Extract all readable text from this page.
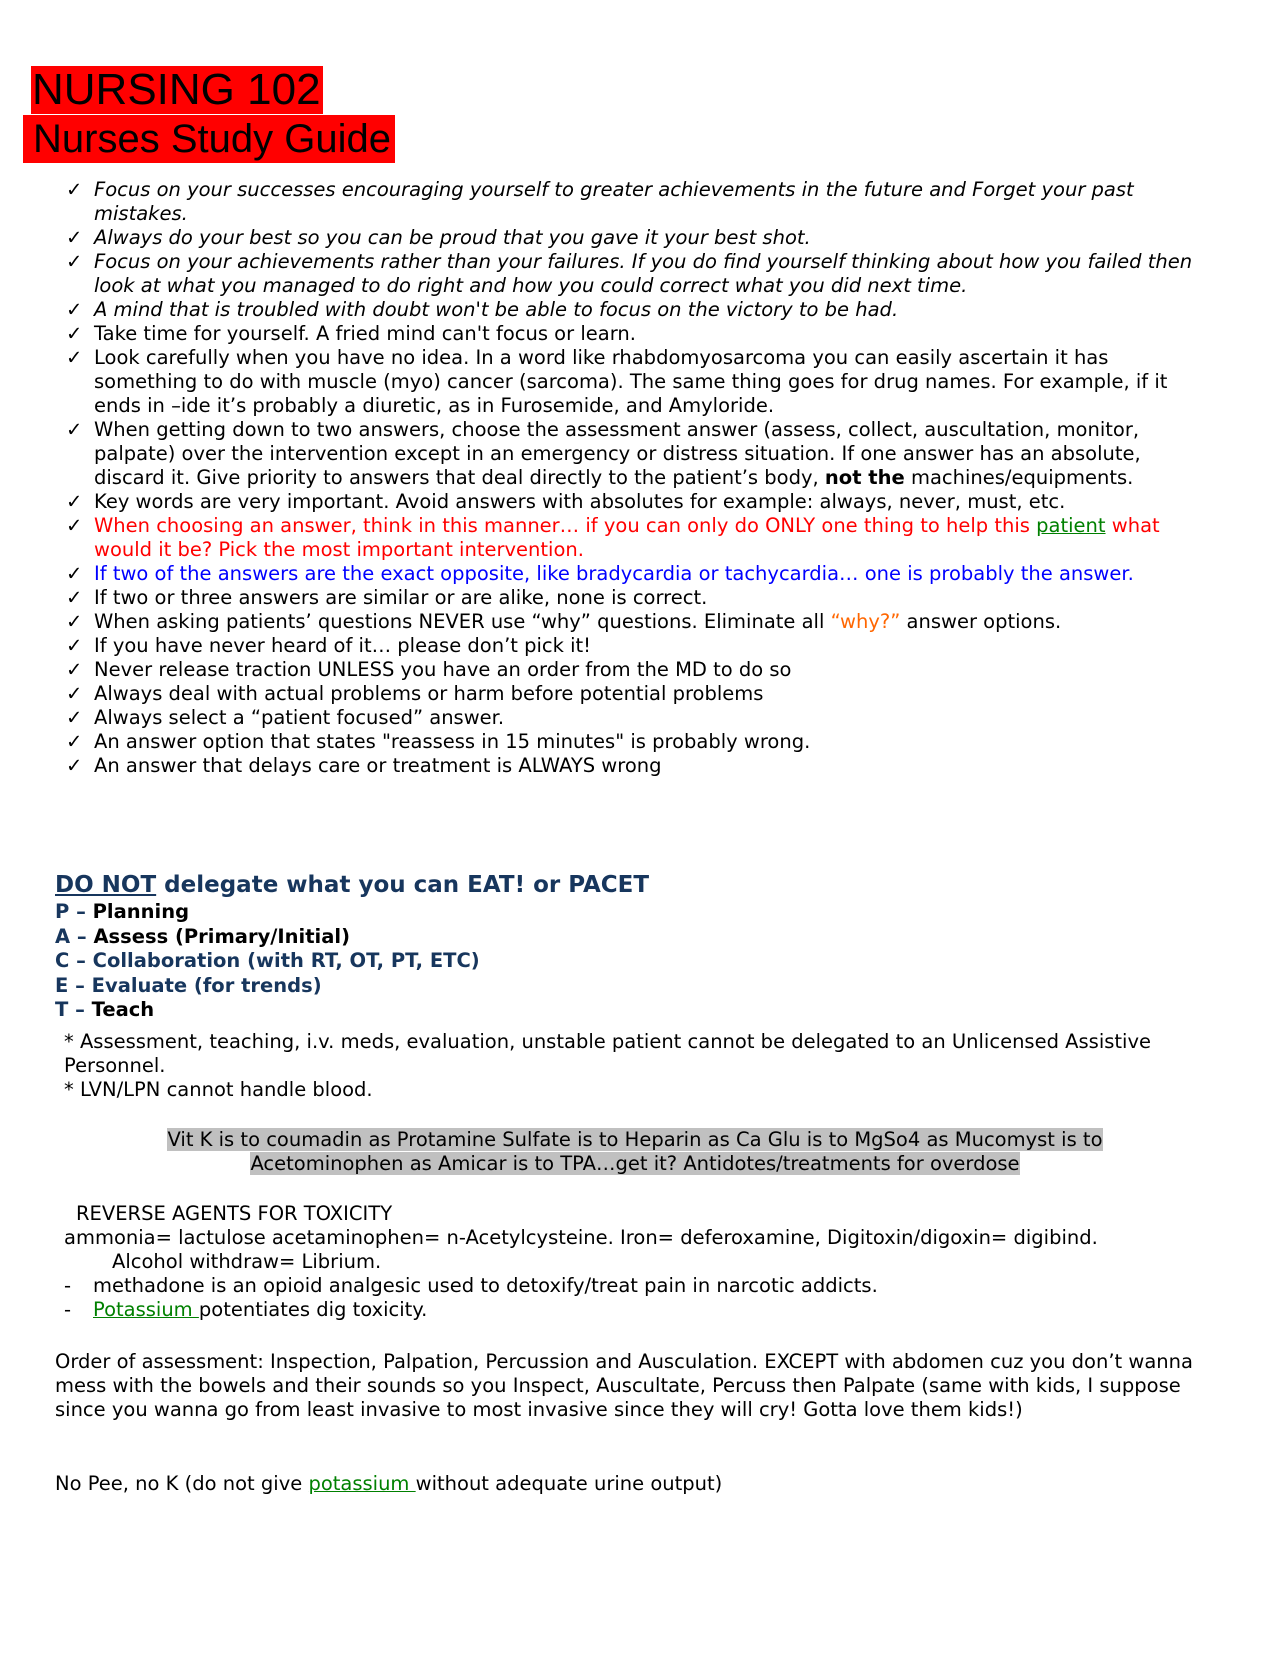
NURSING 102
Nurses Study Guide
✓ Focus on your successes encouraging yourself to greater achievements in the future and Forget your past mistakes.
✓ Always do your best so you can be proud that you gave it your best shot.
✓ Focus on your achievements rather than your failures. If you do find yourself thinking about how you failed then look at what you managed to do right and how you could correct what you did next time.
✓ A mind that is troubled with doubt won't be able to focus on the victory to be had.
✓ Take time for yourself. A fried mind can't focus or learn.
✓ Look carefully when you have no idea. In a word like rhabdomyosarcoma you can easily ascertain it has something to do with muscle (myo) cancer (sarcoma). The same thing goes for drug names. For example, if it ends in –ide it’s probably a diuretic, as in Furosemide, and Amyloride.
✓ When getting down to two answers, choose the assessment answer (assess, collect, auscultation, monitor, palpate) over the intervention except in an emergency or distress situation. If one answer has an absolute, discard it. Give priority to answers that deal directly to the patient’s body, not the machines/equipments.
✓ Key words are very important. Avoid answers with absolutes for example: always, never, must, etc.
✓ When choosing an answer, think in this manner… if you can only do ONLY one thing to help this patient what would it be? Pick the most important intervention.
✓ If two of the answers are the exact opposite, like bradycardia or tachycardia… one is probably the answer.
✓ If two or three answers are similar or are alike, none is correct.
✓ When asking patients’ questions NEVER use “why” questions. Eliminate all “why?” answer options.
✓ If you have never heard of it… please don’t pick it!
✓ Never release traction UNLESS you have an order from the MD to do so
✓ Always deal with actual problems or harm before potential problems
✓ Always select a “patient focused” answer.
✓ An answer option that states "reassess in 15 minutes" is probably wrong.
✓ An answer that delays care or treatment is ALWAYS wrong
DO NOT delegate what you can EAT! or PACET
P – Planning
A – Assess (Primary/Initial)
C – Collaboration (with RT, OT, PT, ETC)
E – Evaluate (for trends)
T – Teach
* Assessment, teaching, i.v. meds, evaluation, unstable patient cannot be delegated to an Unlicensed Assistive Personnel.
* LVN/LPN cannot handle blood.
Vit K is to coumadin as Protamine Sulfate is to Heparin as Ca Glu is to MgSo4 as Mucomyst is to
Acetominophen as Amicar is to TPA…get it? Antidotes/treatments for overdose
REVERSE AGENTS FOR TOXICITY
ammonia= lactulose acetaminophen= n-Acetylcysteine. Iron= deferoxamine, Digitoxin/digoxin= digibind.
Alcohol withdraw= Librium.
- methadone is an opioid analgesic used to detoxify/treat pain in narcotic addicts.
- Potassium potentiates dig toxicity.
Order of assessment: Inspection, Palpation, Percussion and Ausculation. EXCEPT with abdomen cuz you don’t wanna mess with the bowels and their sounds so you Inspect, Auscultate, Percuss then Palpate (same with kids, I suppose since you wanna go from least invasive to most invasive since they will cry! Gotta love them kids!)
No Pee, no K (do not give potassium without adequate urine output)
